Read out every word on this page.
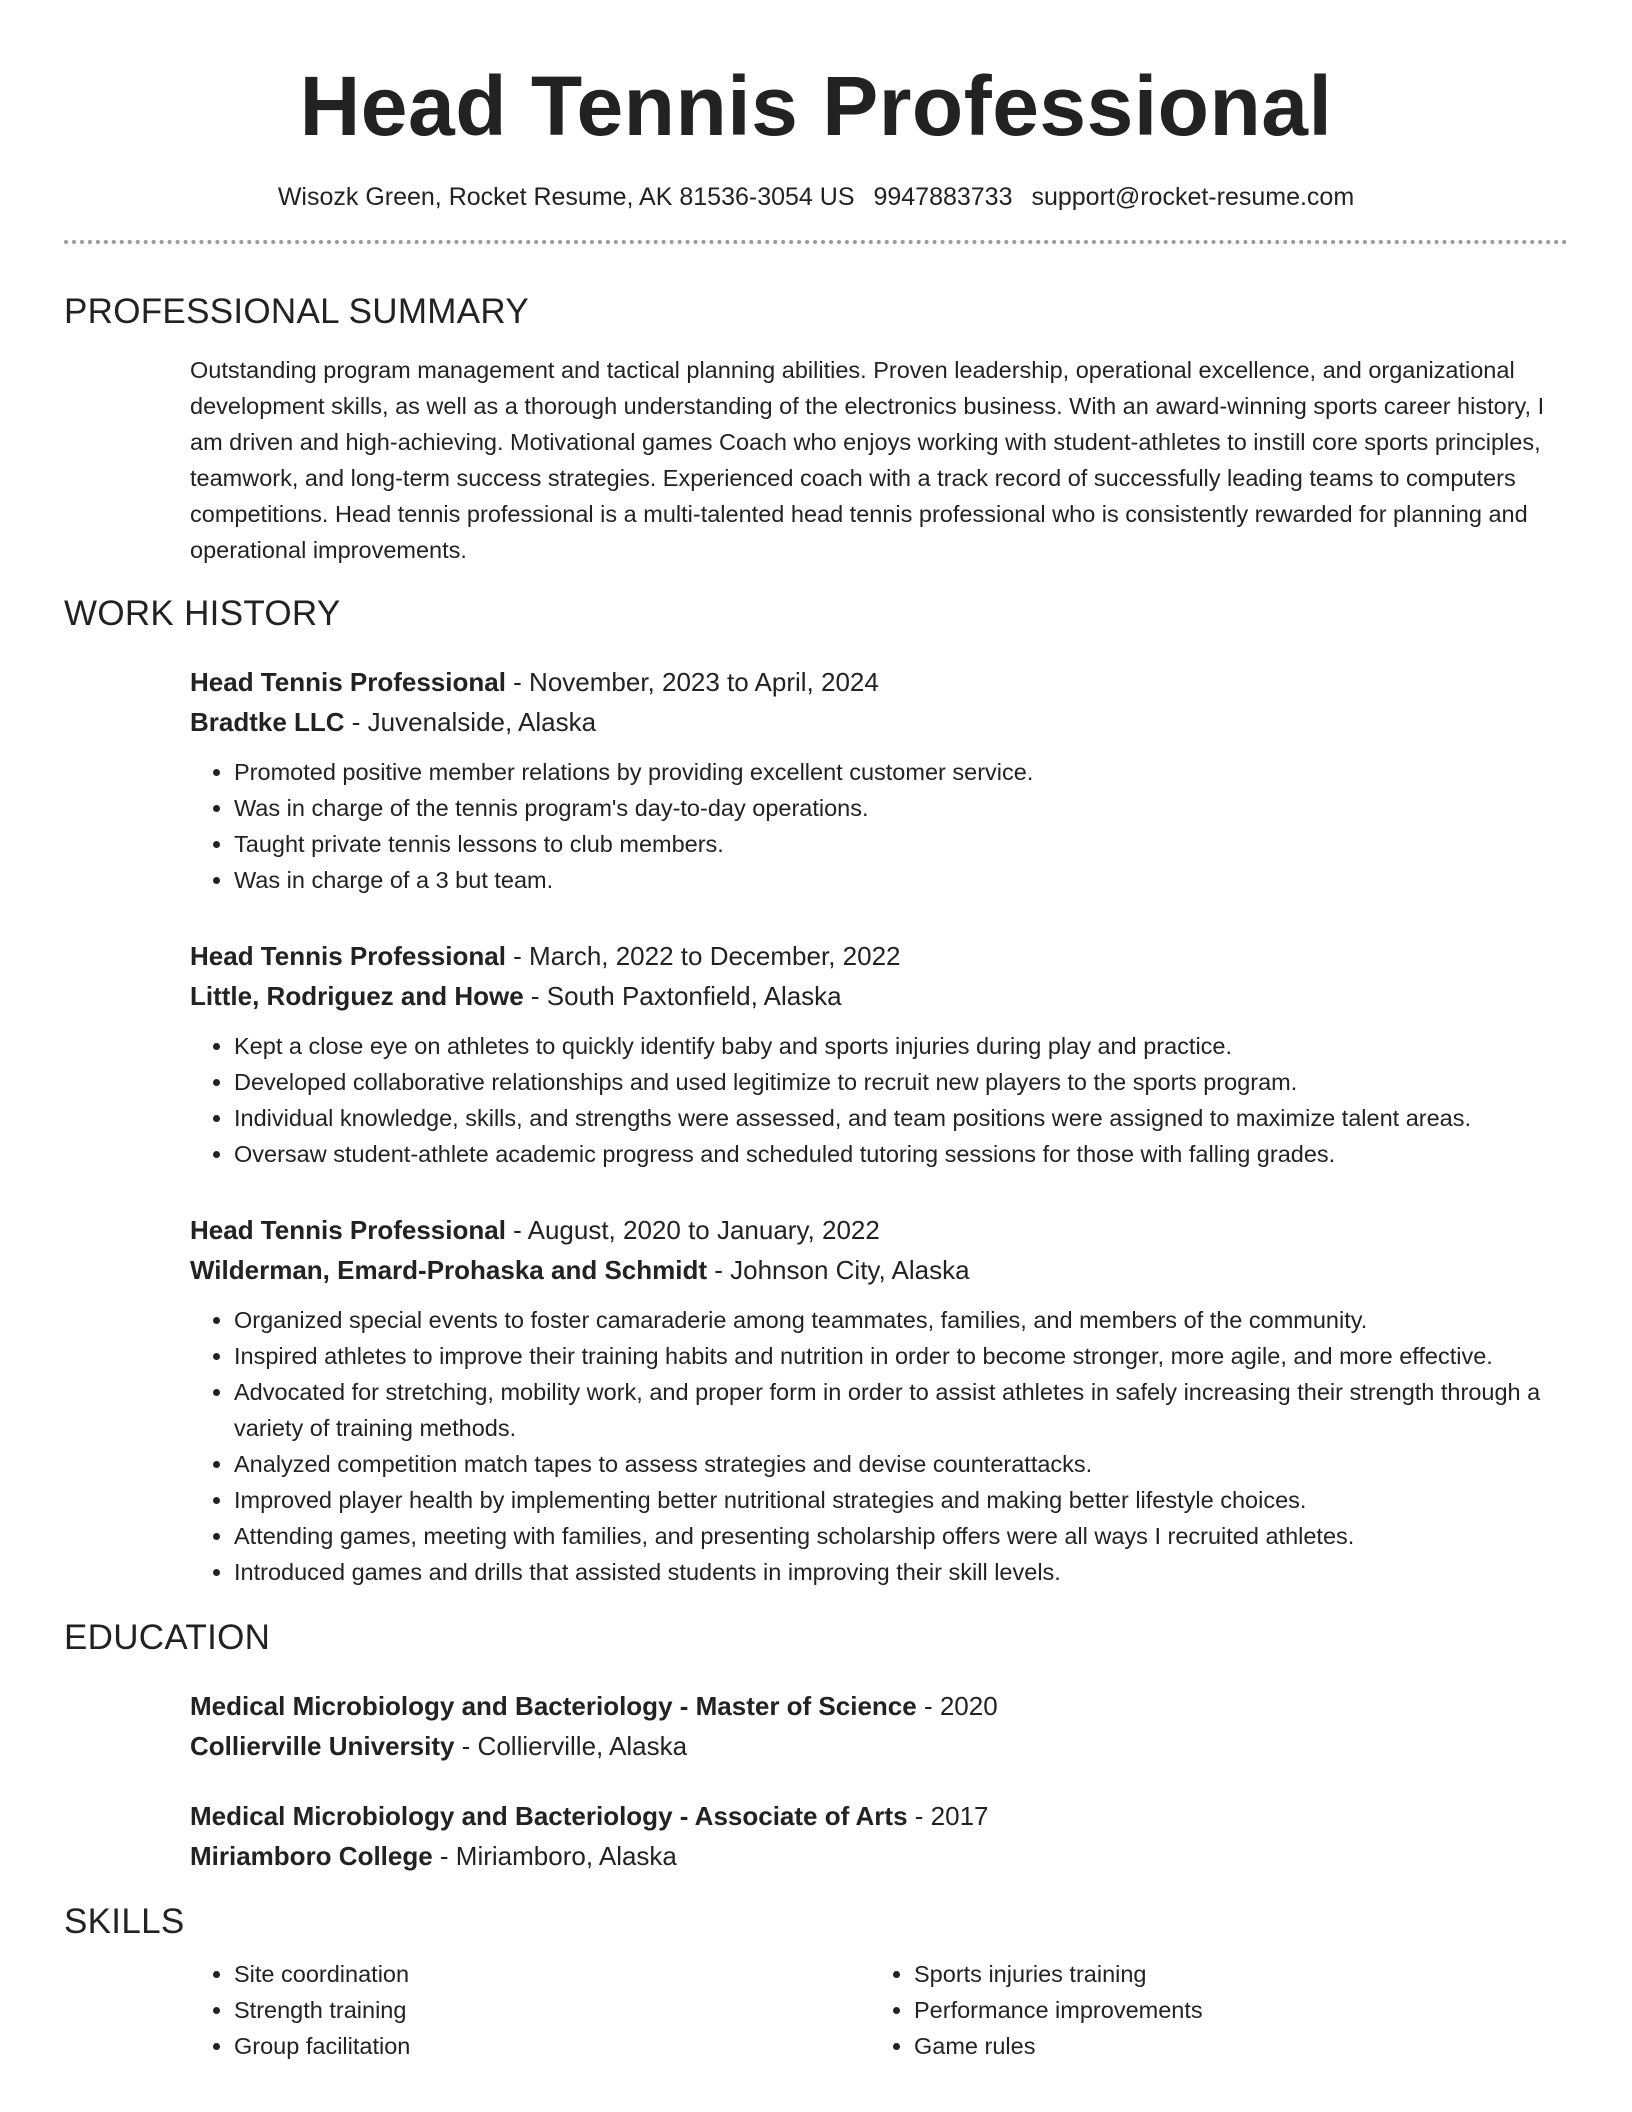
Head Tennis Professional
Wisozk Green, Rocket Resume, AK 81536-3054 US 9947883733 support@rocket-resume.com
PROFESSIONAL SUMMARY
Outstanding program management and tactical planning abilities. Proven leadership, operational excellence, and organizational development skills, as well as a thorough understanding of the electronics business. With an award-winning sports career history, I am driven and high-achieving. Motivational games Coach who enjoys working with student-athletes to instill core sports principles, teamwork, and long-term success strategies. Experienced coach with a track record of successfully leading teams to computers competitions. Head tennis professional is a multi-talented head tennis professional who is consistently rewarded for planning and operational improvements.
WORK HISTORY
Head Tennis Professional - November, 2023 to April, 2024
Bradtke LLC - Juvenalside, Alaska
• Promoted positive member relations by providing excellent customer service.
• Was in charge of the tennis program's day-to-day operations.
• Taught private tennis lessons to club members.
• Was in charge of a 3 but team.
Head Tennis Professional - March, 2022 to December, 2022
Little, Rodriguez and Howe - South Paxtonfield, Alaska
• Kept a close eye on athletes to quickly identify baby and sports injuries during play and practice.
• Developed collaborative relationships and used legitimize to recruit new players to the sports program.
• Individual knowledge, skills, and strengths were assessed, and team positions were assigned to maximize talent areas.
• Oversaw student-athlete academic progress and scheduled tutoring sessions for those with falling grades.
Head Tennis Professional - August, 2020 to January, 2022
Wilderman, Emard-Prohaska and Schmidt - Johnson City, Alaska
• Organized special events to foster camaraderie among teammates, families, and members of the community.
• Inspired athletes to improve their training habits and nutrition in order to become stronger, more agile, and more effective.
• Advocated for stretching, mobility work, and proper form in order to assist athletes in safely increasing their strength through a variety of training methods.
• Analyzed competition match tapes to assess strategies and devise counterattacks.
• Improved player health by implementing better nutritional strategies and making better lifestyle choices.
• Attending games, meeting with families, and presenting scholarship offers were all ways I recruited athletes.
• Introduced games and drills that assisted students in improving their skill levels.
EDUCATION
Medical Microbiology and Bacteriology - Master of Science - 2020
Collierville University - Collierville, Alaska
Medical Microbiology and Bacteriology - Associate of Arts - 2017
Miriamboro College - Miriamboro, Alaska
SKILLS
• Site coordination
• Strength training
• Group facilitation
• Sports injuries training
• Performance improvements
• Game rules
